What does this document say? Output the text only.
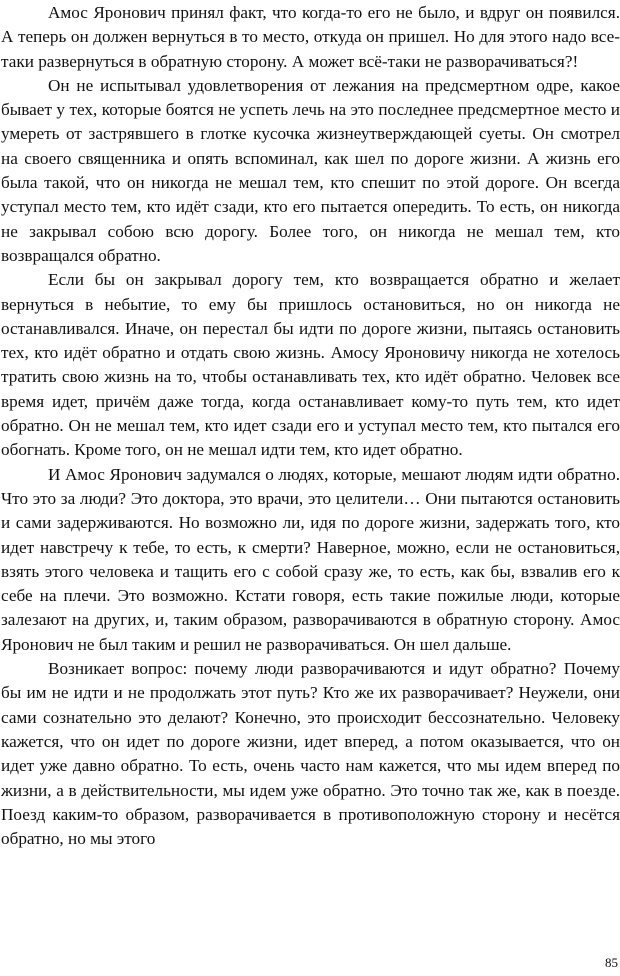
Амос Яронович принял факт, что когда-то его не было, и вдруг он появился. А теперь он должен вернуться в то место, откуда он пришел. Но для этого надо все-таки развернуться в обратную сторону. А может всё-таки не разворачиваться?!

Он не испытывал удовлетворения от лежания на предсмертном одре, какое бывает у тех, которые боятся не успеть лечь на это последнее предсмертное место и умереть от застрявшего в глотке кусочка жизнеутверждающей суеты. Он смотрел на своего священника и опять вспоминал, как шел по дороге жизни. А жизнь его была такой, что он никогда не мешал тем, кто спешит по этой дороге. Он всегда уступал место тем, кто идёт сзади, кто его пытается опередить. То есть, он никогда не закрывал собою всю дорогу. Более того, он никогда не мешал тем, кто возвращался обратно.

Если бы он закрывал дорогу тем, кто возвращается обратно и желает вернуться в небытие, то ему бы пришлось остановиться, но он никогда не останавливался. Иначе, он перестал бы идти по дороге жизни, пытаясь остановить тех, кто идёт обратно и отдать свою жизнь. Амосу Яроновичу никогда не хотелось тратить свою жизнь на то, чтобы останавливать тех, кто идёт обратно. Человек все время идет, причём даже тогда, когда останавливает кому-то путь тем, кто идет обратно. Он не мешал тем, кто идет сзади его и уступал место тем, кто пытался его обогнать. Кроме того, он не мешал идти тем, кто идет обратно.

И Амос Яронович задумался о людях, которые, мешают людям идти обратно. Что это за люди? Это доктора, это врачи, это целители… Они пытаются остановить и сами задерживаются. Но возможно ли, идя по дороге жизни, задержать того, кто идет навстречу к тебе, то есть, к смерти? Наверное, можно, если не остановиться, взять этого человека и тащить его с собой сразу же, то есть, как бы, взвалив его к себе на плечи. Это возможно. Кстати говоря, есть такие пожилые люди, которые залезают на других, и, таким образом, разворачиваются в обратную сторону. Амос Яронович не был таким и решил не разворачиваться. Он шел дальше.

Возникает вопрос: почему люди разворачиваются и идут обратно? Почему бы им не идти и не продолжать этот путь? Кто же их разворачивает? Неужели, они сами сознательно это делают? Конечно, это происходит бессознательно. Человеку кажется, что он идет по дороге жизни, идет вперед, а потом оказывается, что он идет уже давно обратно. То есть, очень часто нам кажется, что мы идем вперед по жизни, а в действительности, мы идем уже обратно. Это точно так же, как в поезде. Поезд каким-то образом, разворачивается в противоположную сторону и несётся обратно, но мы этого

85
